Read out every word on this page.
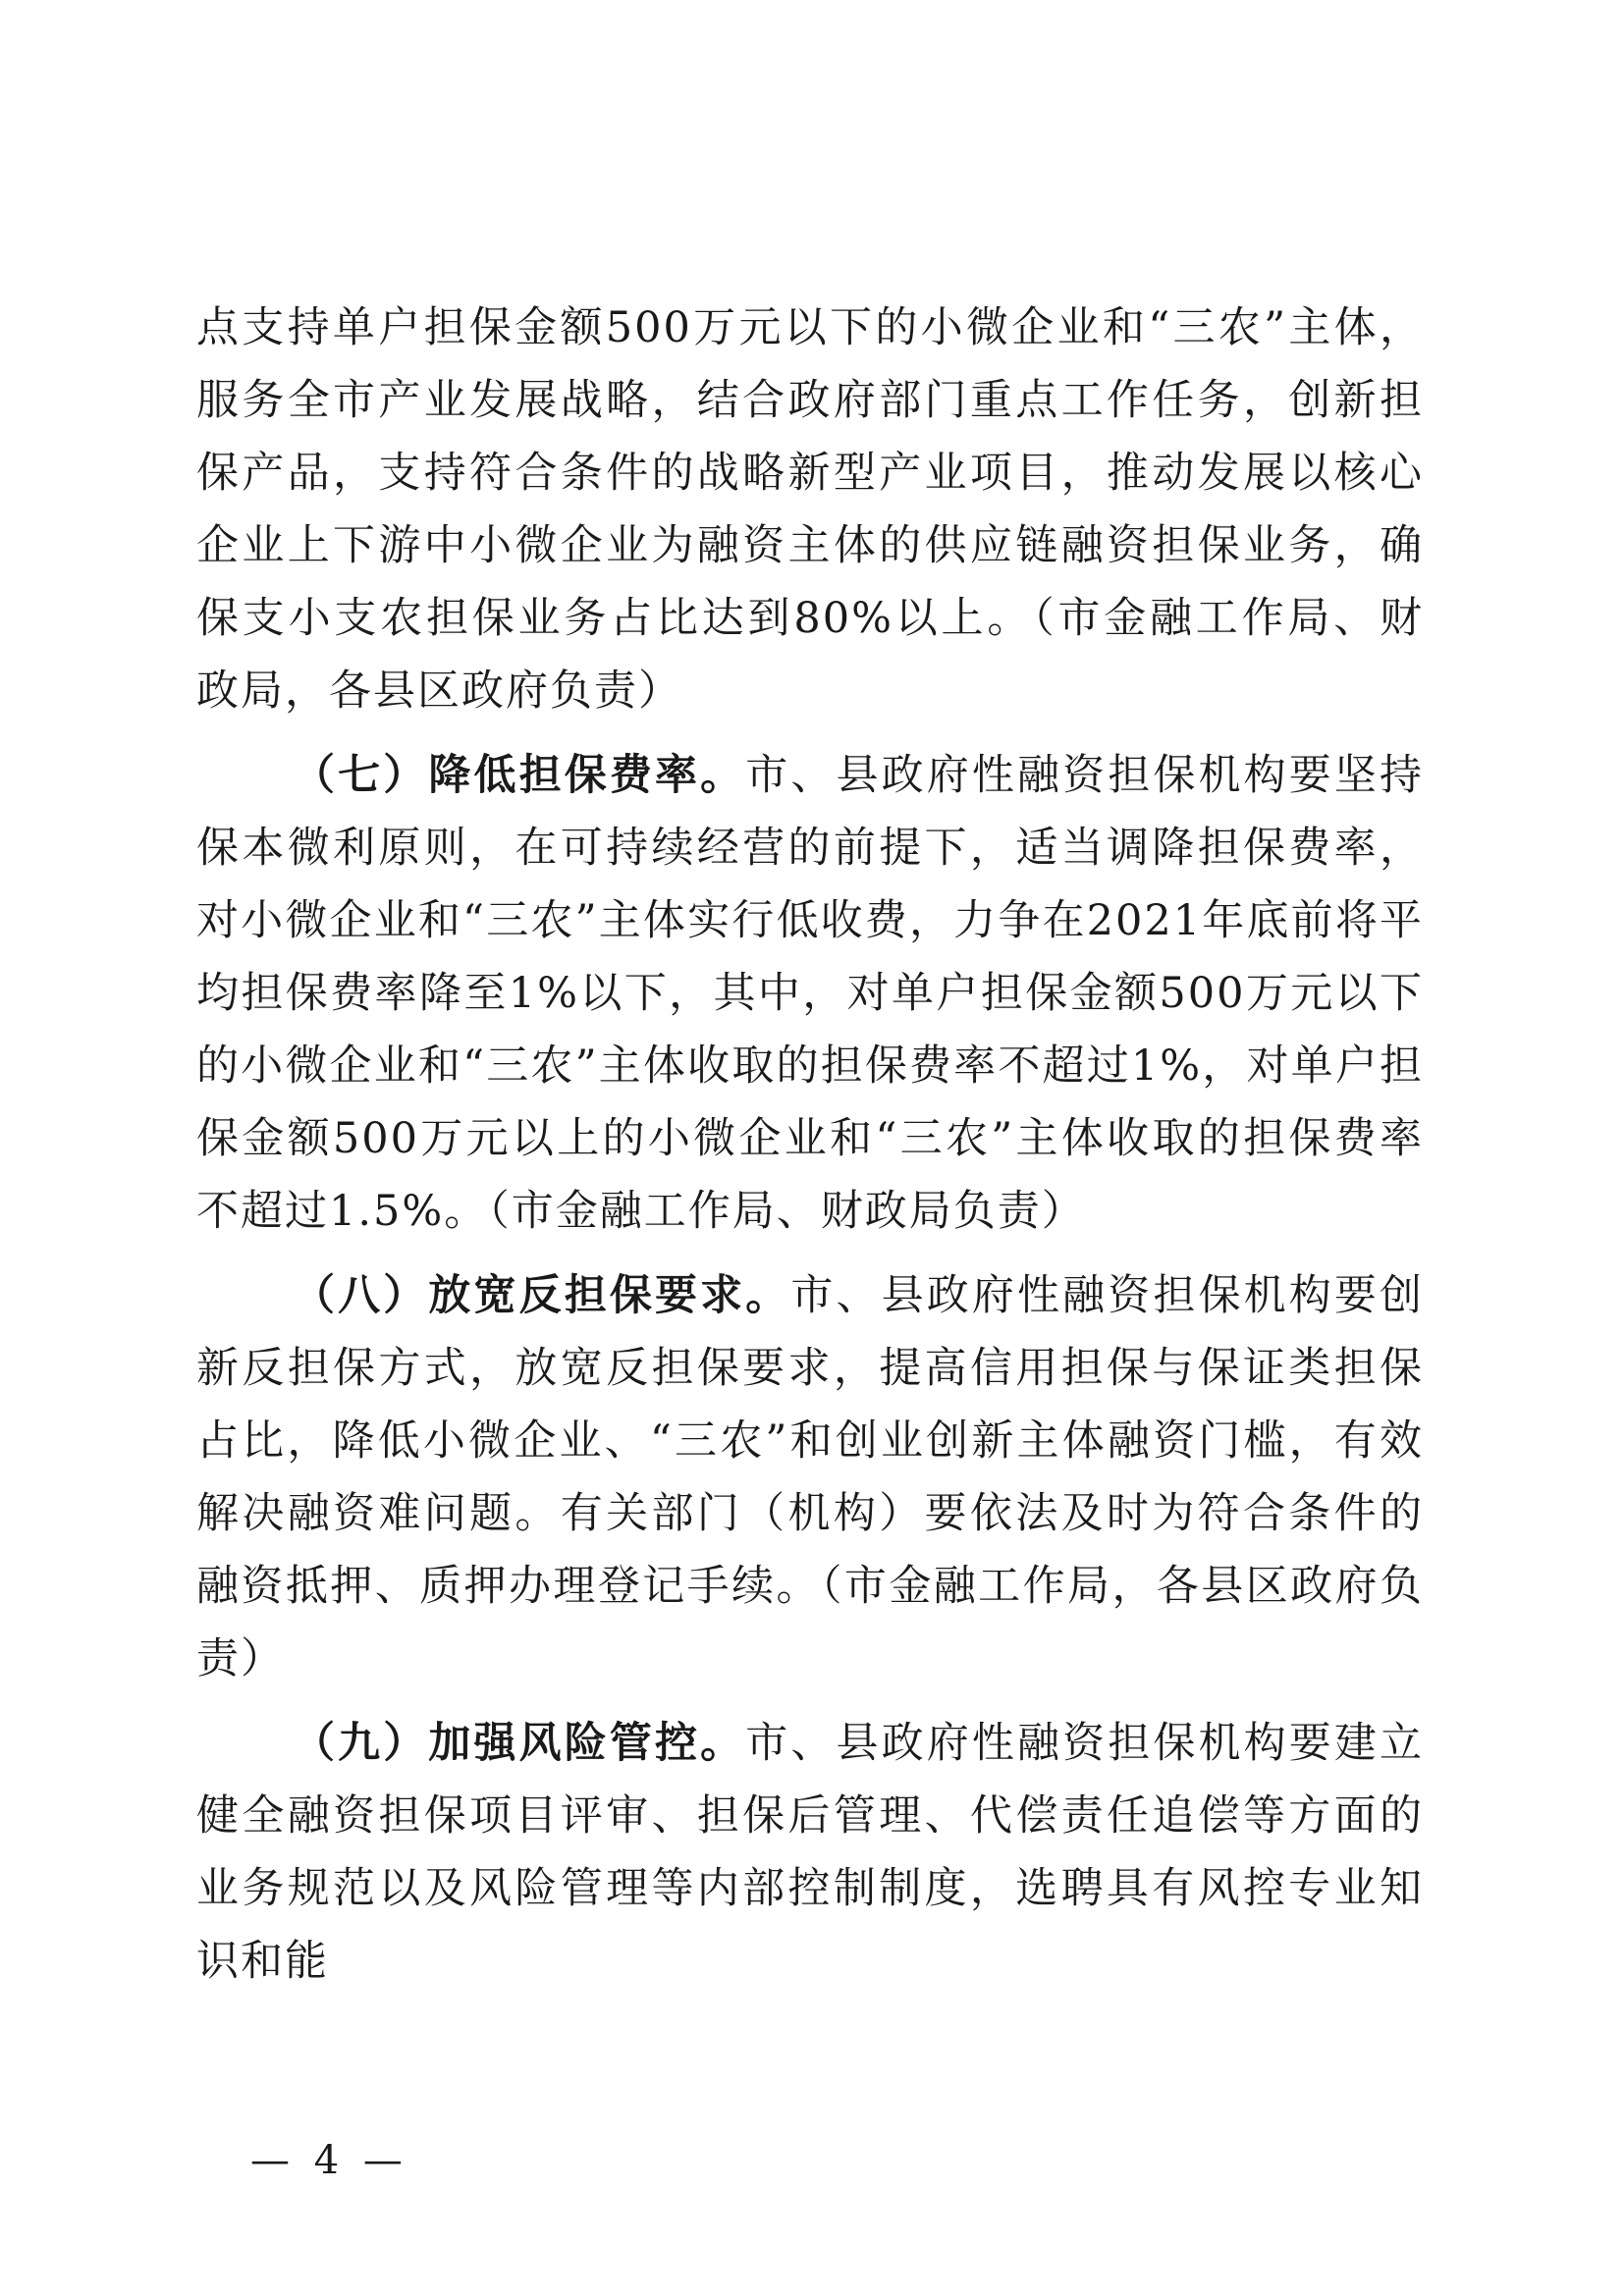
点支持单户担保金额500万元以下的小微企业和“三农”主体，服务全市产业发展战略，结合政府部门重点工作任务，创新担保产品，支持符合条件的战略新型产业项目，推动发展以核心企业上下游中小微企业为融资主体的供应链融资担保业务，确保支小支农担保业务占比达到80%以上。（市金融工作局、财政局，各县区政府负责）

（七）降低担保费率。市、县政府性融资担保机构要坚持保本微利原则，在可持续经营的前提下，适当调降担保费率，对小微企业和“三农”主体实行低收费，力争在2021年底前将平均担保费率降至1%以下，其中，对单户担保金额500万元以下的小微企业和“三农”主体收取的担保费率不超过1%，对单户担保金额500万元以上的小微企业和“三农”主体收取的担保费率不超过1.5%。（市金融工作局、财政局负责）

（八）放宽反担保要求。市、县政府性融资担保机构要创新反担保方式，放宽反担保要求，提高信用担保与保证类担保占比，降低小微企业、“三农”和创业创新主体融资门槛，有效解决融资难问题。有关部门（机构）要依法及时为符合条件的融资抵押、质押办理登记手续。（市金融工作局，各县区政府负责）

（九）加强风险管控。市、县政府性融资担保机构要建立健全融资担保项目评审、担保后管理、代偿责任追偿等方面的业务规范以及风险管理等内部控制制度，选聘具有风控专业知识和能

— 4 —
